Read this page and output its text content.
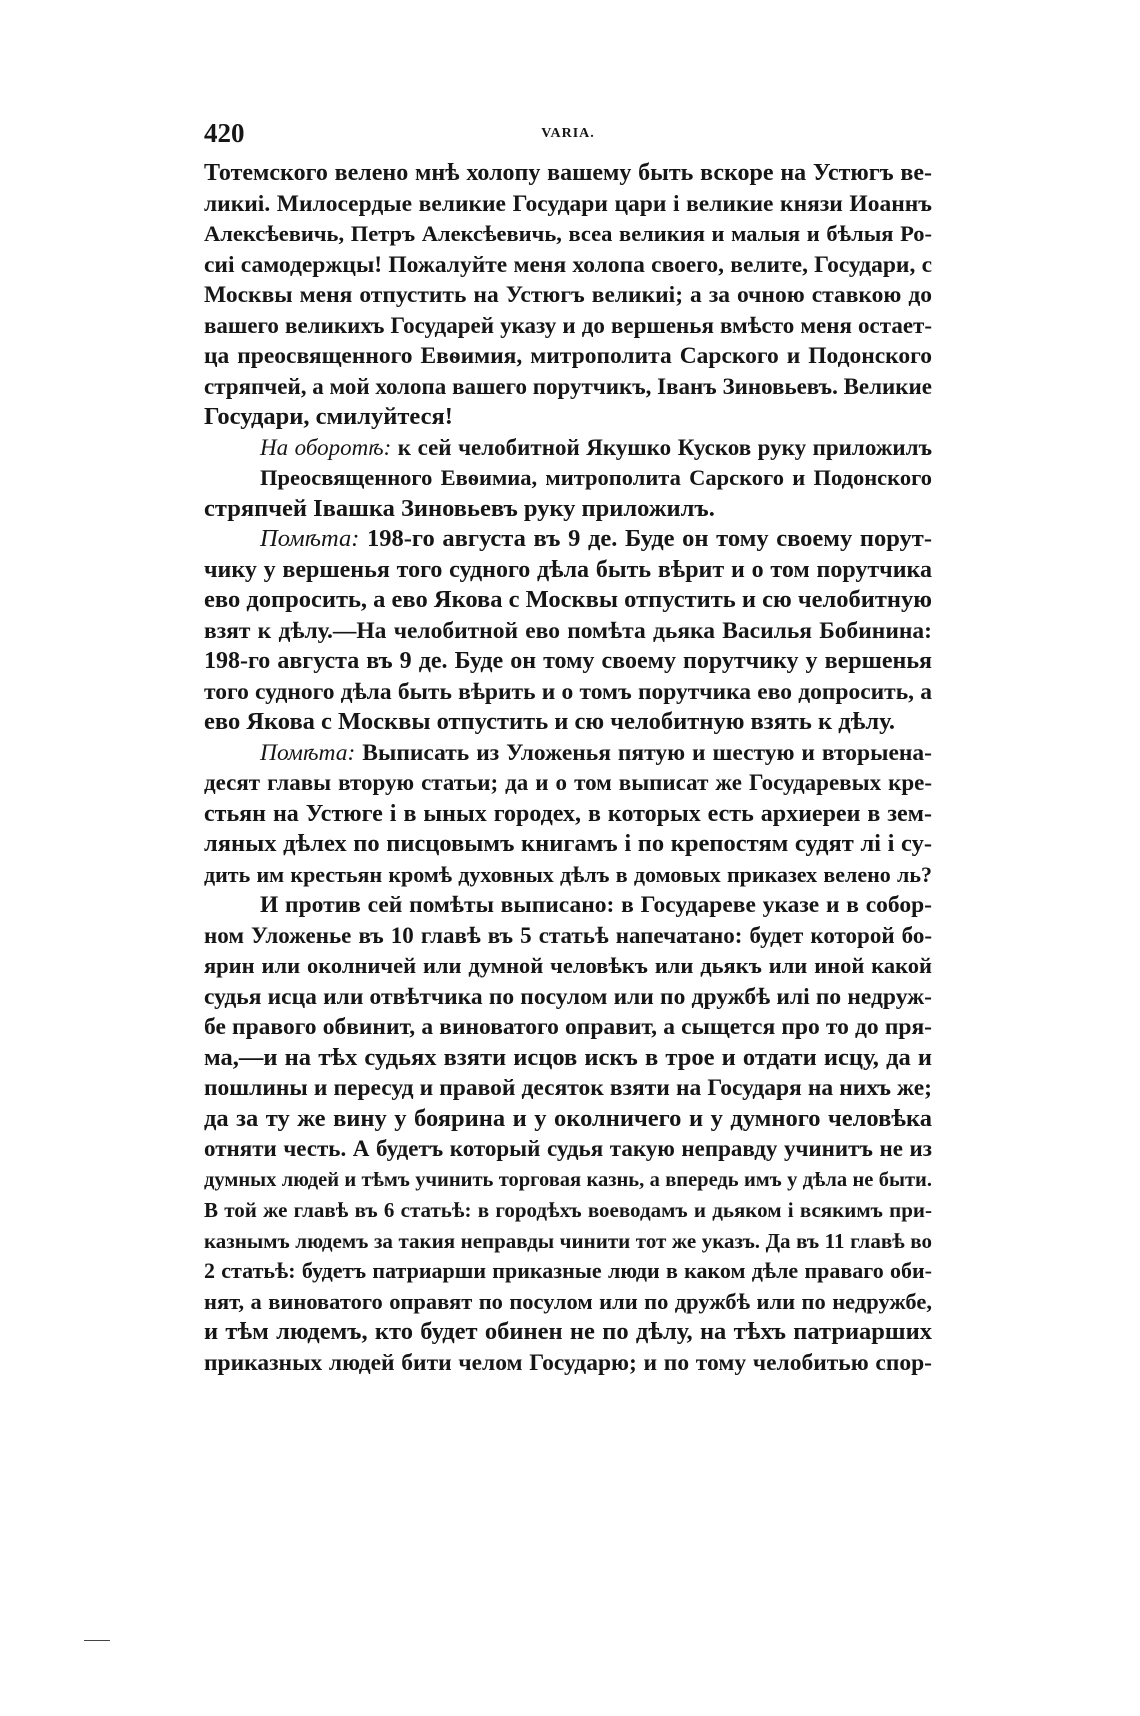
420	VARIA.
Тотемского велено мнѣ холопу вашему быть вскоре на Устюгъ ве-
ликиі. Милосердые великие Государи цари і великие князи Иоаннъ
Алексѣевичь, Петръ Алексѣевичь, всеа великия и малыя и бѣлыя Ро-
сиі самодержцы! Пожалуйте меня холопа своего, велите, Государи, с
Москвы меня отпустить на Устюгъ великиі; а за очною ставкою до
вашего великихъ Государей указу и до вершенья вмѣсто меня остает-
ца преосвященного Евѳимия, митрополита Сарского и Подонского
стряпчей, а мой холопа вашего порутчикъ, Іванъ Зиновьевъ. Великие
Государи, смилуйтеся!
На оборотѣ: к сей челобитной Якушко Кусков руку приложилъ
Преосвященного Евѳимиа, митрополита Сарского и Подонского
стряпчей Івашка Зиновьевъ руку приложилъ.
Помѣта: 198-го августа въ 9 де. Буде он тому своему порут-
чику у вершенья того судного дѣла быть вѣрит и о том порутчика
ево допросить, а ево Якова с Москвы отпустить и сю челобитную
взят к дѣлу.—На челобитной ево помѣта дьяка Василья Бобинина:
198-го августа въ 9 де. Буде он тому своему порутчику у вершенья
того судного дѣла быть вѣрить и о томъ порутчика ево допросить, а
ево Якова с Москвы отпустить и сю челобитную взять к дѣлу.
Помѣта: Выписать из Уложенья пятую и шестую и вторыена-
десят главы вторую статьи; да и о том выписат же Государевых кре-
стьян на Устюге і в ыных городех, в которых есть архиереи в зем-
ляных дѣлех по писцовымъ книгамъ і по крепостям судят лі і су-
дить им крестьян кромѣ духовных дѣлъ в домовых приказех велено ль?
И против сей помѣты выписано: в Государеве указе и в собор-
ном Уложенье въ 10 главѣ въ 5 статьѣ напечатано: будет которой бо-
ярин или околничей или думной человѣкъ или дьякъ или иной какой
судья исца или отвѣтчика по посулом или по дружбѣ илі по недруж-
бе правого обвинит, а виноватого оправит, а сыщется про то до пря-
ма,—и на тѣх судьях взяти исцов искъ в трое и отдати исцу, да и
пошлины и пересуд и правой десяток взяти на Государя на нихъ же;
да за ту же вину у боярина и у околничего и у думного человѣка
отняти честь. А будетъ который судья такую неправду учинитъ не из
думных людей и тѣмъ учинить торговая казнь, а впередь имъ у дѣла не быти.
В той же главѣ въ 6 статьѣ: в городѣхъ воеводамъ и дьяком і всякимъ при-
казнымъ людемъ за такия неправды чинити тот же указъ. Да въ 11 главѣ во
2 статьѣ: будетъ патриарши приказные люди в каком дѣле праваго оби-
нят, а виноватого оправят по посулом или по дружбѣ или по недружбе,
и тѣм людемъ, кто будет обинен не по дѣлу, на тѣхъ патриарших
приказных людей бити челом Государю; и по тому челобитью спор-
